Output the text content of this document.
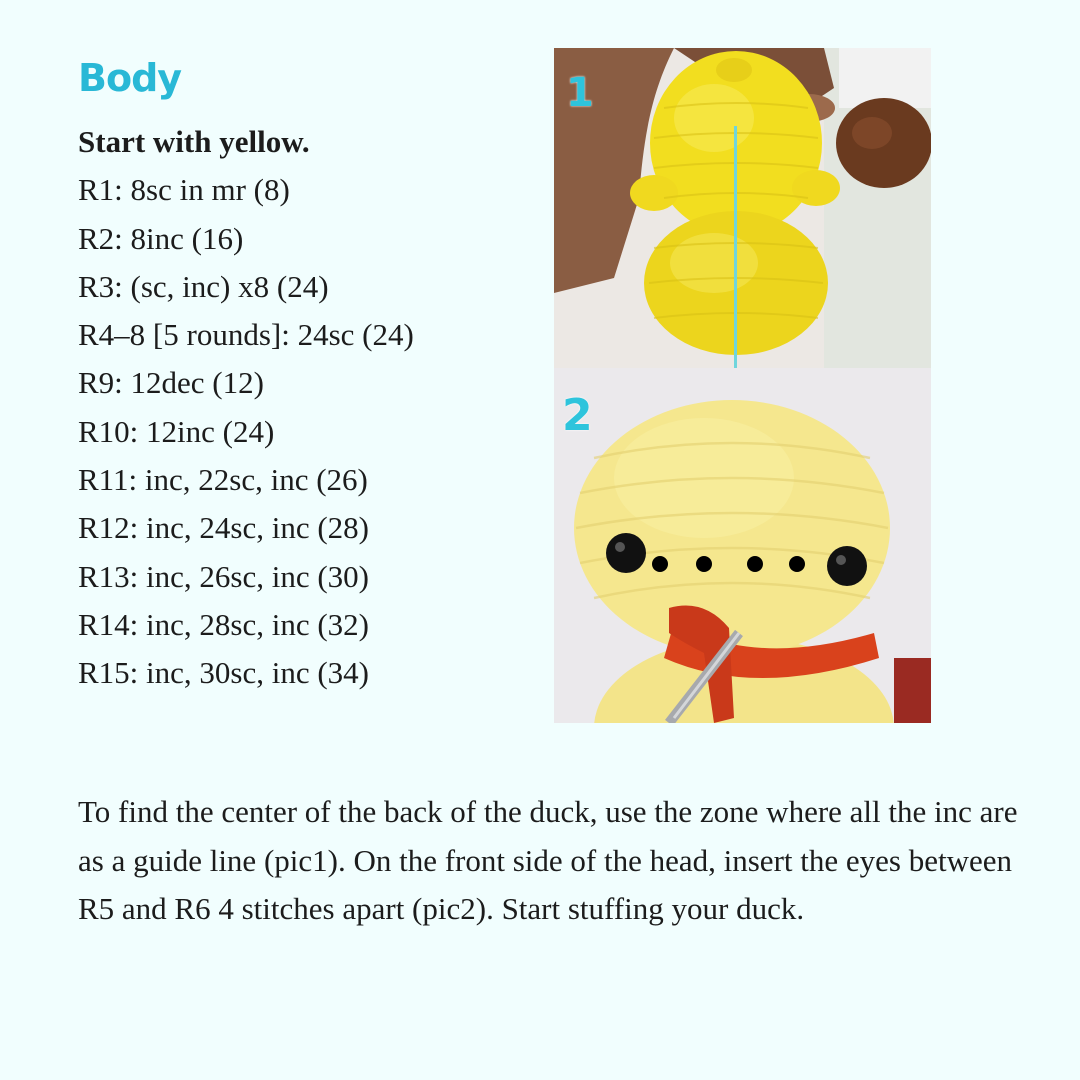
Body
Start with yellow.
R1: 8sc in mr (8)
R2: 8inc (16)
R3: (sc, inc) x8 (24)
R4–8 [5 rounds]: 24sc (24)
R9: 12dec (12)
R10: 12inc (24)
R11: inc, 22sc, inc (26)
R12: inc, 24sc, inc (28)
R13: inc, 26sc, inc (30)
R14: inc, 28sc, inc (32)
R15: inc, 30sc, inc (34)
1
2

To find the center of the back of the duck, use the zone where all the inc are as a guide line (pic1). On the front side of the head, insert the eyes between R5 and R6 4 stitches apart (pic2). Start stuffing your duck.
